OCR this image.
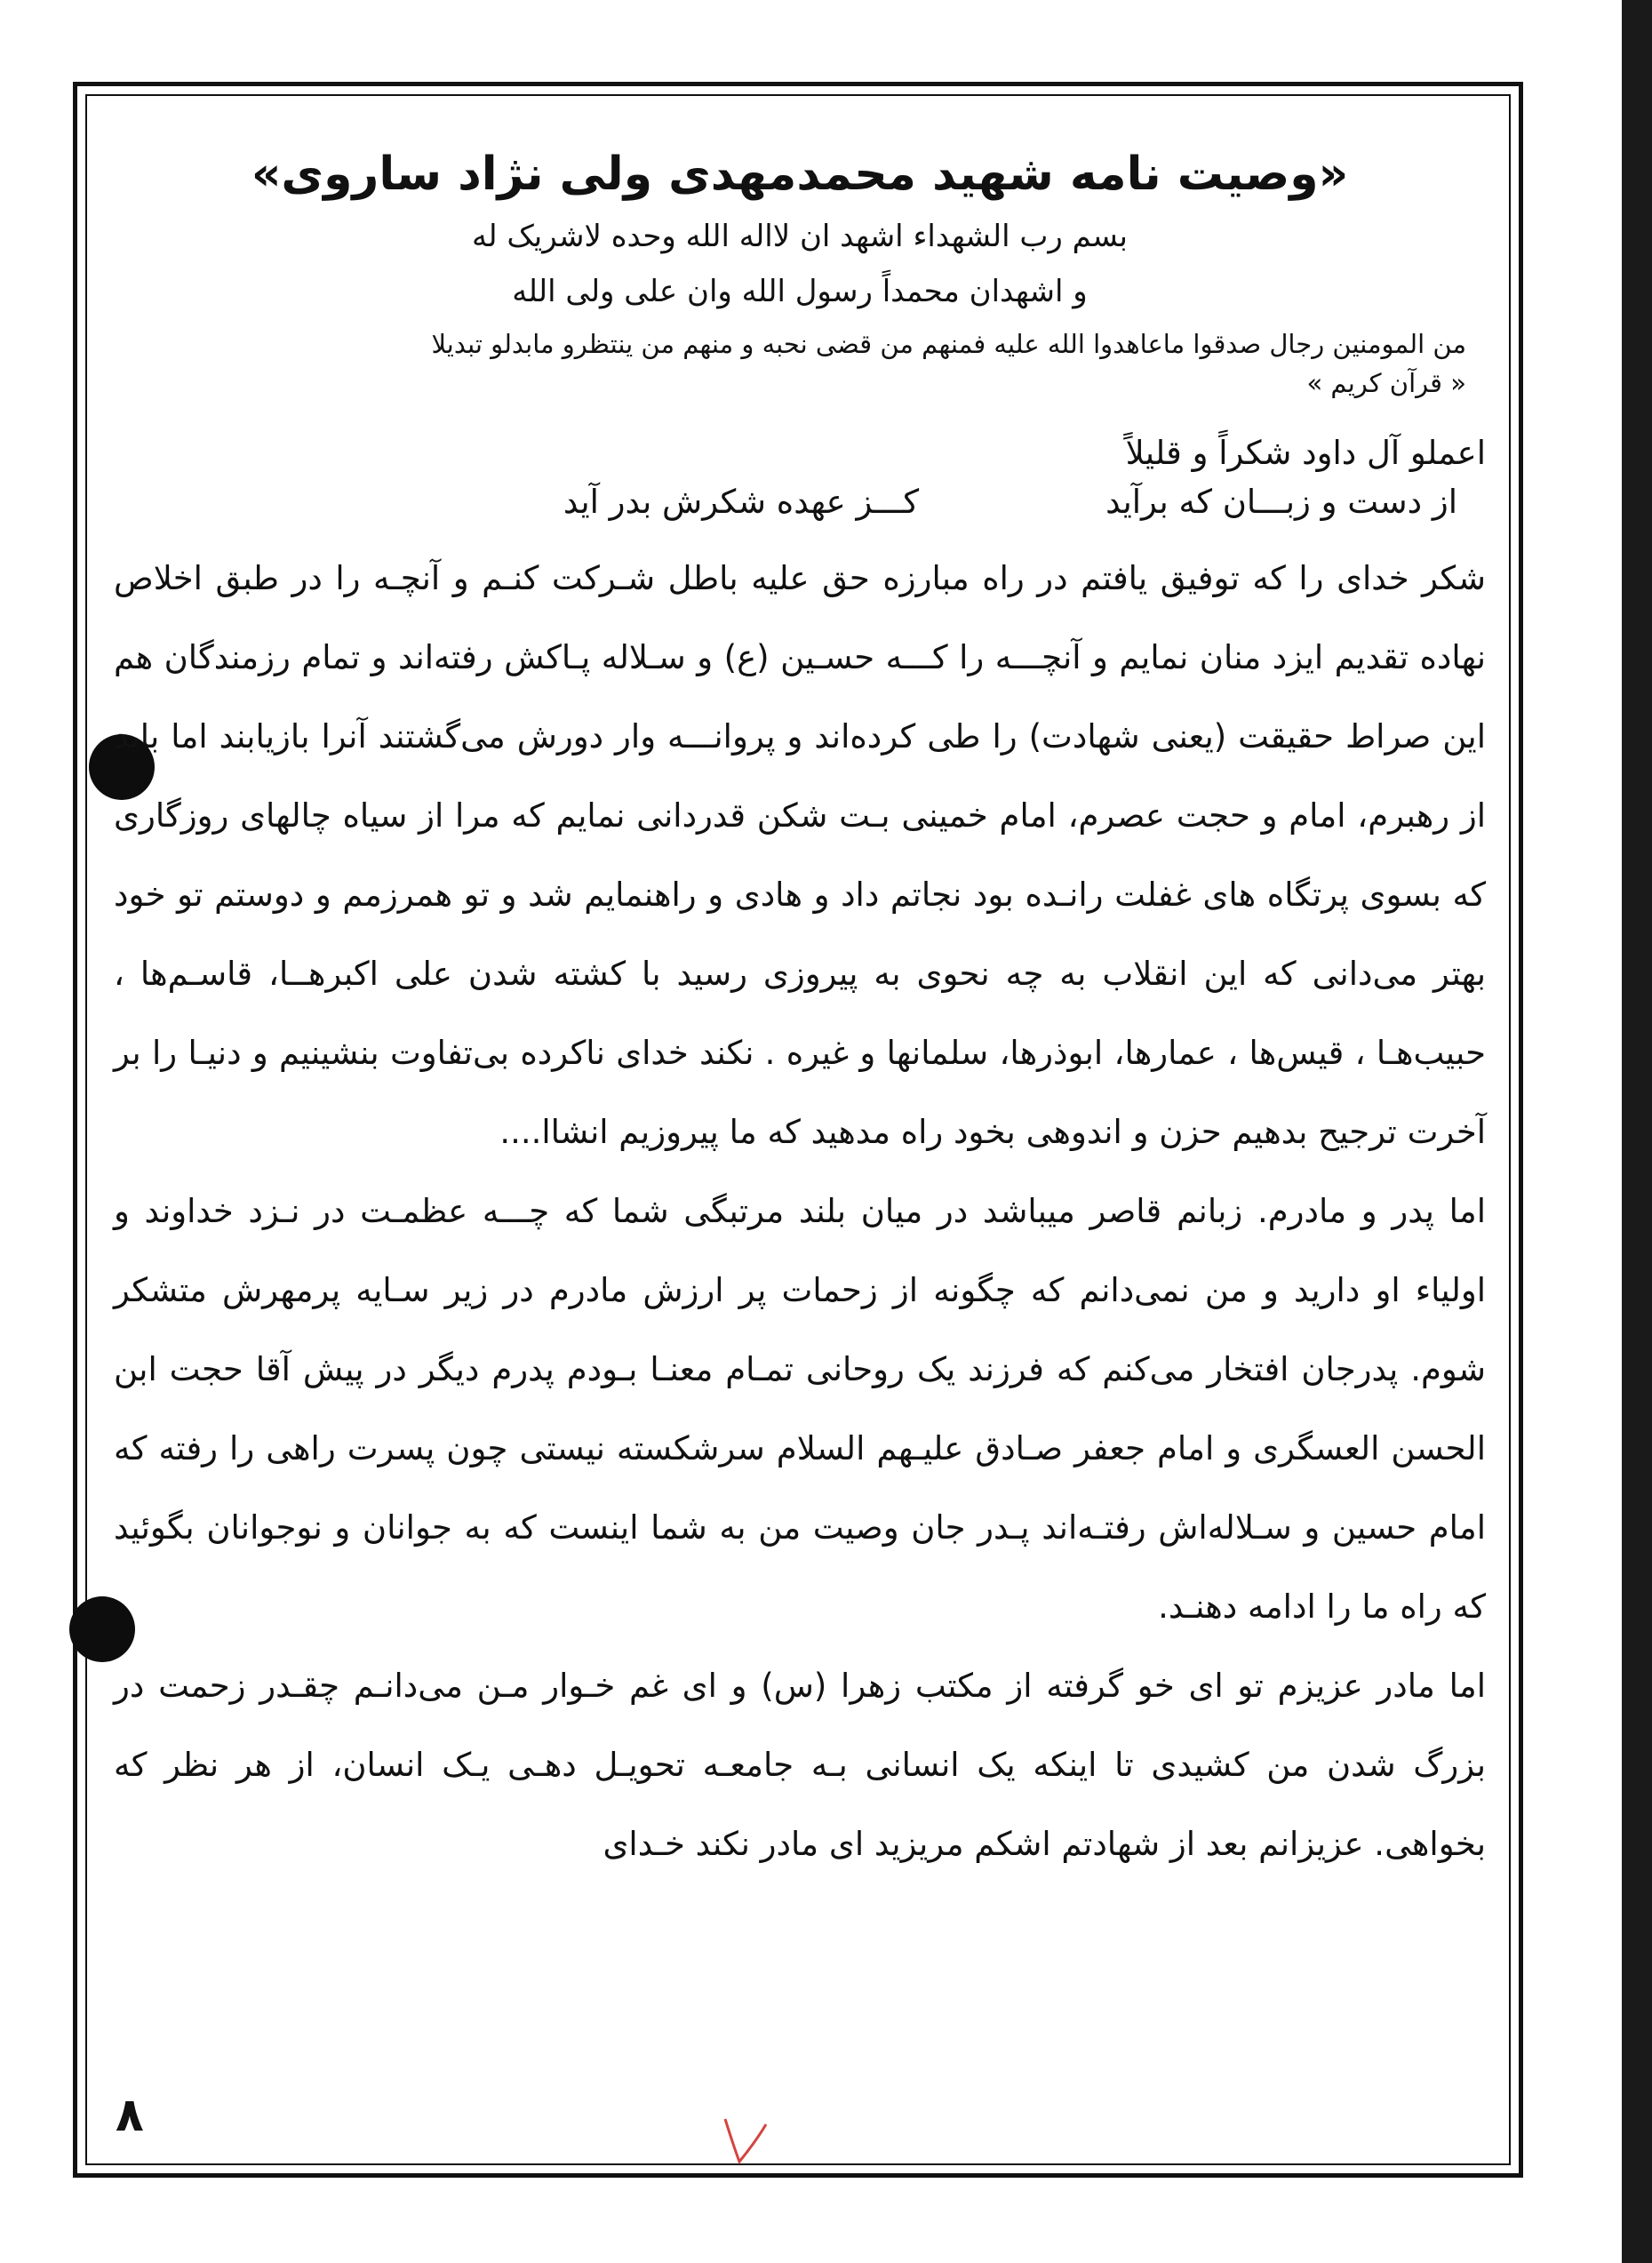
«وصیت نامه شهید محمدمهدی ولی نژاد ساروی»
بسم رب الشهداء اشهد ان لااله الله وحده لاشریک له
و اشهدان محمداً رسول الله وان علی ولی الله
من المومنین رجال صدقوا ماعاهدوا الله علیه فمنهم من قضی نحبه و منهم من ینتظرو مابدلو تبدیلا
« قرآن کریم »
اعملو آل داود شکراً و قلیلاً
از دست و زبـــان که برآید
کـــز عهده شکرش بدر آید

شکر خدای را که توفیق یافتم در راه مبارزه حق علیه باطل شـرکت کنـم و آنچـه را در طبق اخلاص نهاده تقدیم ایزد منان نمایم و آنچـــه را کـــه حسـین (ع) و سـلاله پـاکش رفته‌اند و تمام رزمندگان هم این صراط حقیقت (یعنی شهادت) را طی کرده‌اند و پروانـــه وار دورش می‌گشتند آنرا بازیابند اما باید از رهبرم، امام و حجت عصرم، امام خمینی بـت شکن قدردانی نمایم که مرا از سیاه چالهای روزگاری که بسوی پرتگاه های غفلت رانـده بود نجاتم داد و هادی و راهنمایم شد و تو همرزمم و دوستم تو خود بهتر می‌دانی که این انقلاب به چه نحوی به پیروزی رسید با کشته شدن علی اکبرهــا، قاسـم‌ها ، حبیب‌هـا ، قیس‌ها ، عمارها، ابوذرها، سلمانها و غیره . نکند خدای ناکرده بی‌تفاوت بنشینیم و دنیـا را بر آخرت ترجیح بدهیم حزن و اندوهی بخود راه مدهید که ما پیروزیم انشاا....

اما پدر و مادرم. زبانم قاصر میباشد در میان بلند مرتبگی شما که چـــه عظمـت در نـزد خداوند و اولیاء او دارید و من نمی‌دانم که چگونه از زحمات پر ارزش مادرم در زیر سـایه پرمهرش متشکر شوم. پدرجان افتخار می‌کنم که فرزند یک روحانی تمـام معنـا بـودم پدرم دیگر در پیش آقا حجت ابن الحسن العسگری و امام جعفر صـادق علیـهم السلام سرشکسته نیستی چون پسرت راهی را رفته که امام حسین و سـلاله‌اش رفتـه‌اند پـدر جان وصیت من به شما اینست که به جوانان و نوجوانان بگوئید که راه ما را ادامه دهنـد.

اما مادر عزیزم تو ای خو گرفته از مکتب زهرا (س) و ای غم خـوار مـن می‌دانـم چقـدر زحمت در بزرگ شدن من کشیدی تا اینکه یک انسانی بـه جامعـه تحویـل دهـی یـک انسان، از هر نظر که بخواهی. عزیزانم بعد از شهادتم اشکم مریزید ای مادر نکند خـدای

۸
